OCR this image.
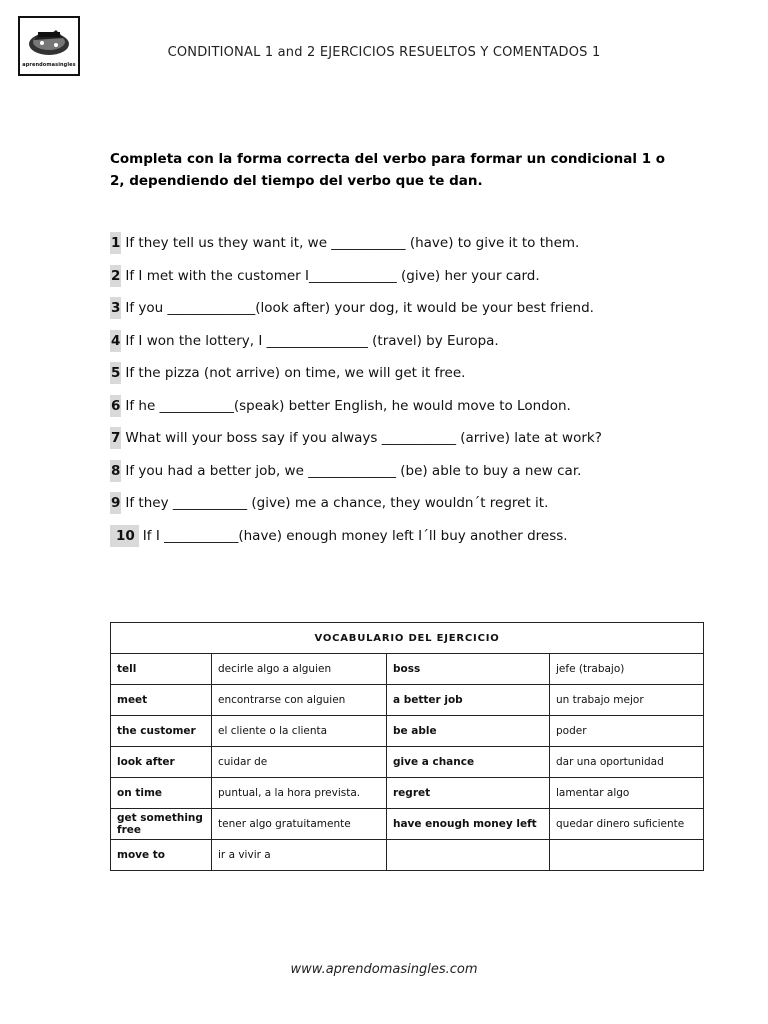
aprendomasingles
CONDITIONAL 1 and 2 EJERCICIOS RESUELTOS Y COMENTADOS 1
Completa con la forma correcta del verbo para formar un condicional 1 o 2, dependiendo del tiempo del verbo que te dan.
1 If they tell us they want it, we ___________ (have) to give it to them.
2 If I met with the customer I_____________ (give) her your card.
3 If you _____________(look after) your dog, it would be your best friend.
4 If I won the lottery, I _______________ (travel) by Europa.
5 If the pizza (not arrive) on time, we will get it free.
6 If he ___________(speak) better English, he would move to London.
7 What will your boss say if you always ___________ (arrive) late at work?
8 If you had a better job, we _____________ (be) able to buy a new car.
9 If they ___________ (give) me a chance, they wouldn´t regret it.
10 If I ___________(have) enough money left I´ll buy another dress.
VOCABULARIO DEL EJERCICIO			
tell	decirle algo a alguien	boss	jefe (trabajo)
meet	encontrarse con alguien	a better job	un trabajo mejor
the customer	el cliente o la clienta	be able	poder
look after	cuidar de	give a chance	dar una oportunidad
on time	puntual, a la hora prevista.	regret	lamentar algo
get something free	tener algo gratuitamente	have enough money left	quedar dinero suficiente
move to	ir a vivir a		
www.aprendomasingles.com
